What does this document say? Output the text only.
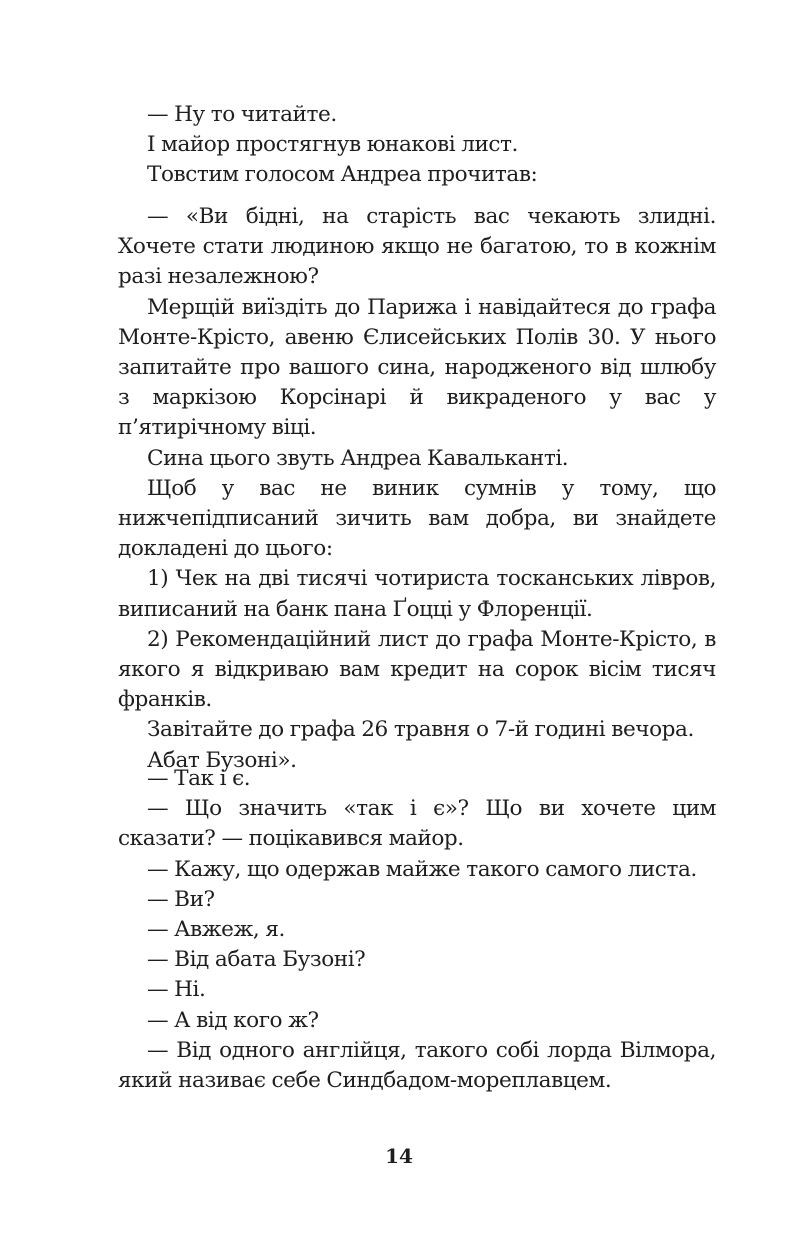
— Ну то читайте.

І майор простягнув юнакові лист.

Товстим голосом Андреа прочитав:

— «Ви бідні, на старість вас чекають злидні. Хочете стати людиною якщо не багатою, то в кожнім разі незалежною?

Мерщій виїздіть до Парижа і навідайтеся до графа Монте-Крісто, авеню Єлисейських Полів 30. У нього запитайте про вашого сина, народженого від шлюбу з маркізою Корсінарі й викраденого у вас у п’ятирічному віці.

Сина цього звуть Андреа Кавальканті.

Щоб у вас не виник сумнів у тому, що нижчепідписаний зичить вам добра, ви знайдете докладені до цього:

1) Чек на дві тисячі чотириста тосканських лівров, виписаний на банк пана Ґоцці у Флоренції.

2) Рекомендаційний лист до графа Монте-Крісто, в якого я відкриваю вам кредит на сорок вісім тисяч франків.

Завітайте до графа 26 травня о 7-й годині вечора.

Абат Бузоні».

— Так і є.

— Що значить «так і є»? Що ви хочете цим сказати? — поцікавився майор.

— Кажу, що одержав майже такого самого листа.

— Ви?

— Авжеж, я.

— Від абата Бузоні?

— Ні.

— А від кого ж?

— Від одного англійця, такого собі лорда Вілмора, який називає себе Синдбадом-мореплавцем.

14
